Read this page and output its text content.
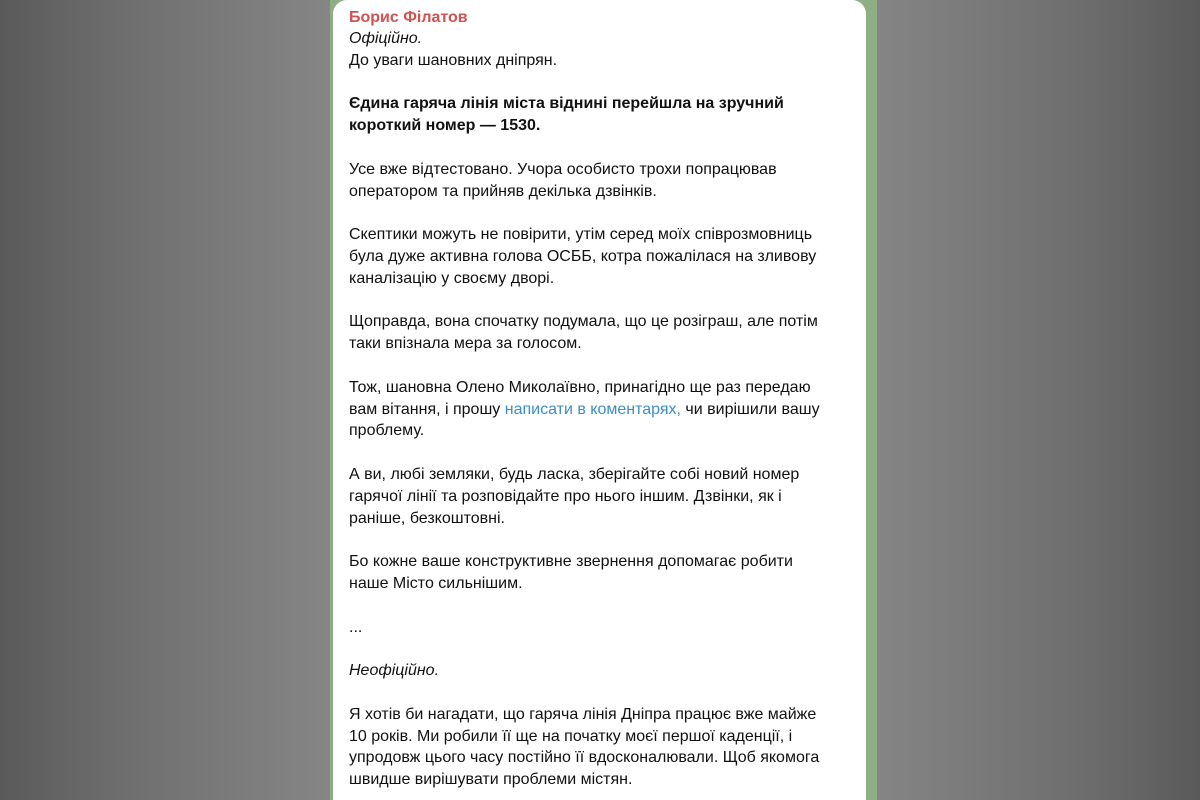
Борис Філатов
Офіційно.
До уваги шановних дніпрян.
Єдина гаряча лінія міста віднині перейшла на зручний
короткий номер — 1530.
Усе вже відтестовано. Учора особисто трохи попрацював
оператором та прийняв декілька дзвінків.
Скептики можуть не повірити, утім серед моїх співрозмовниць
була дуже активна голова ОСББ, котра пожалілася на зливову
каналізацію у своєму дворі.
Щоправда, вона спочатку подумала, що це розіграш, але потім
таки впізнала мера за голосом.
Тож, шановна Олено Миколаївно, принагідно ще раз передаю
вам вітання, і прошу написати в коментарях, чи вирішили вашу
проблему.
А ви, любі земляки, будь ласка, зберігайте собі новий номер
гарячої лінії та розповідайте про нього іншим. Дзвінки, як і
раніше, безкоштовні.
Бо кожне ваше конструктивне звернення допомагає робити
наше Місто сильнішим.
...
Неофіційно.
Я хотів би нагадати, що гаряча лінія Дніпра працює вже майже
10 років. Ми робили її ще на початку моєї першої каденції, і
упродовж цього часу постійно її вдосконалювали. Щоб якомога
швидше вирішувати проблеми містян.
